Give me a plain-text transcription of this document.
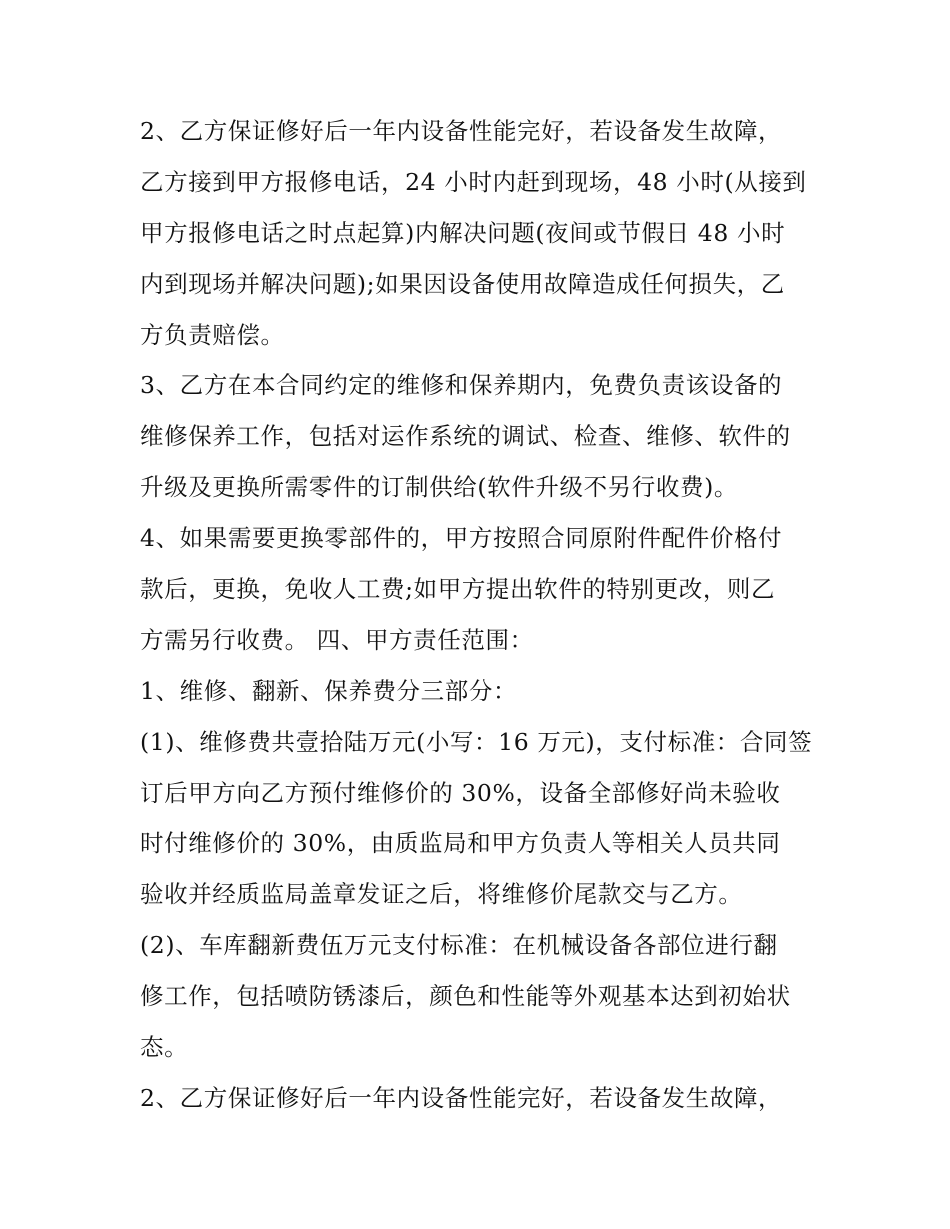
2、乙方保证修好后一年内设备性能完好，若设备发生故障，
乙方接到甲方报修电话，24 小时内赶到现场，48 小时(从接到
甲方报修电话之时点起算)内解决问题(夜间或节假日 48 小时
内到现场并解决问题);如果因设备使用故障造成任何损失，乙
方负责赔偿。
3、乙方在本合同约定的维修和保养期内，免费负责该设备的
维修保养工作，包括对运作系统的调试、检查、维修、软件的
升级及更换所需零件的订制供给(软件升级不另行收费)。
4、如果需要更换零部件的，甲方按照合同原附件配件价格付
款后，更换，免收人工费;如甲方提出软件的特别更改，则乙
方需另行收费。 四、甲方责任范围：
1、维修、翻新、保养费分三部分：
(1)、维修费共壹拾陆万元(小写：16 万元)，支付标准：合同签
订后甲方向乙方预付维修价的 30%，设备全部修好尚未验收
时付维修价的 30%，由质监局和甲方负责人等相关人员共同
验收并经质监局盖章发证之后，将维修价尾款交与乙方。
(2)、车库翻新费伍万元支付标准：在机械设备各部位进行翻
修工作，包括喷防锈漆后，颜色和性能等外观基本达到初始状
态。
2、乙方保证修好后一年内设备性能完好，若设备发生故障，
